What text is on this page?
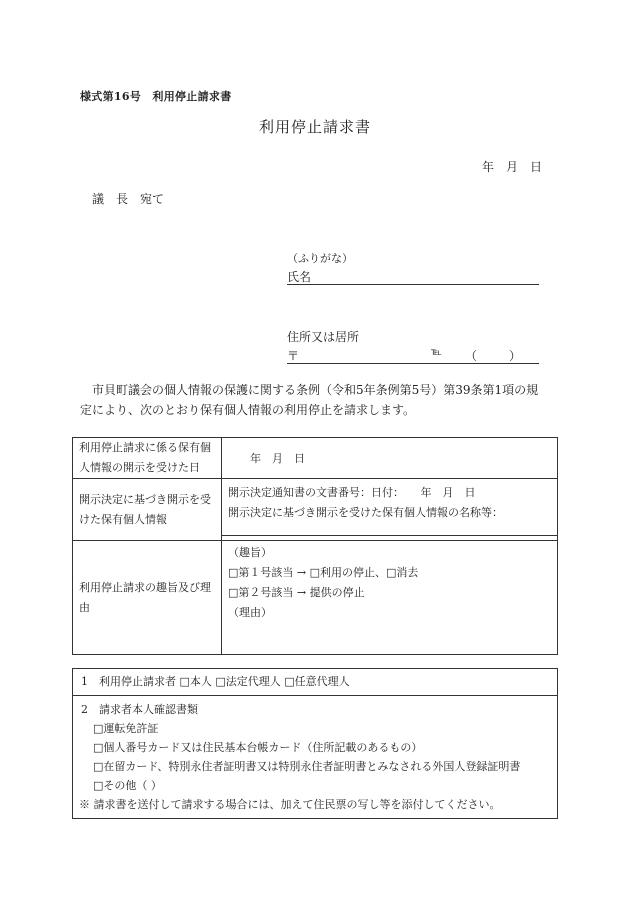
様式第16号　利用停止請求書
利用停止請求書
年　月　日
議　長　宛て
（ふりがな）
氏名
住所又は居所
〒	℡ （　）
市貝町議会の個人情報の保護に関する条例（令和5年条例第5号）第39条第1項の規定により、次のとおり保有個人情報の利用停止を請求します。
利用停止請求に係る保有個人情報の開示を受けた日	年　月　日
開示決定に基づき開示を受けた保有個人情報	開示決定通知書の文書番号：日付：　　年　月　日
開示決定に基づき開示を受けた保有個人情報の名称等：

利用停止請求の趣旨及び理由	（趣旨）
□第１号該当 → □利用の停止、□消去
□第２号該当 → 提供の停止
（理由）
1　利用停止請求者 □本人 □法定代理人 □任意代理人
2　請求者本人確認書類
□運転免許証
□個人番号カード又は住民基本台帳カード（住所記載のあるもの）
□在留カード、特別永住者証明書又は特別永住者証明書とみなされる外国人登録証明書
□その他（ ）
※ 請求書を送付して請求する場合には、加えて住民票の写し等を添付してください。
